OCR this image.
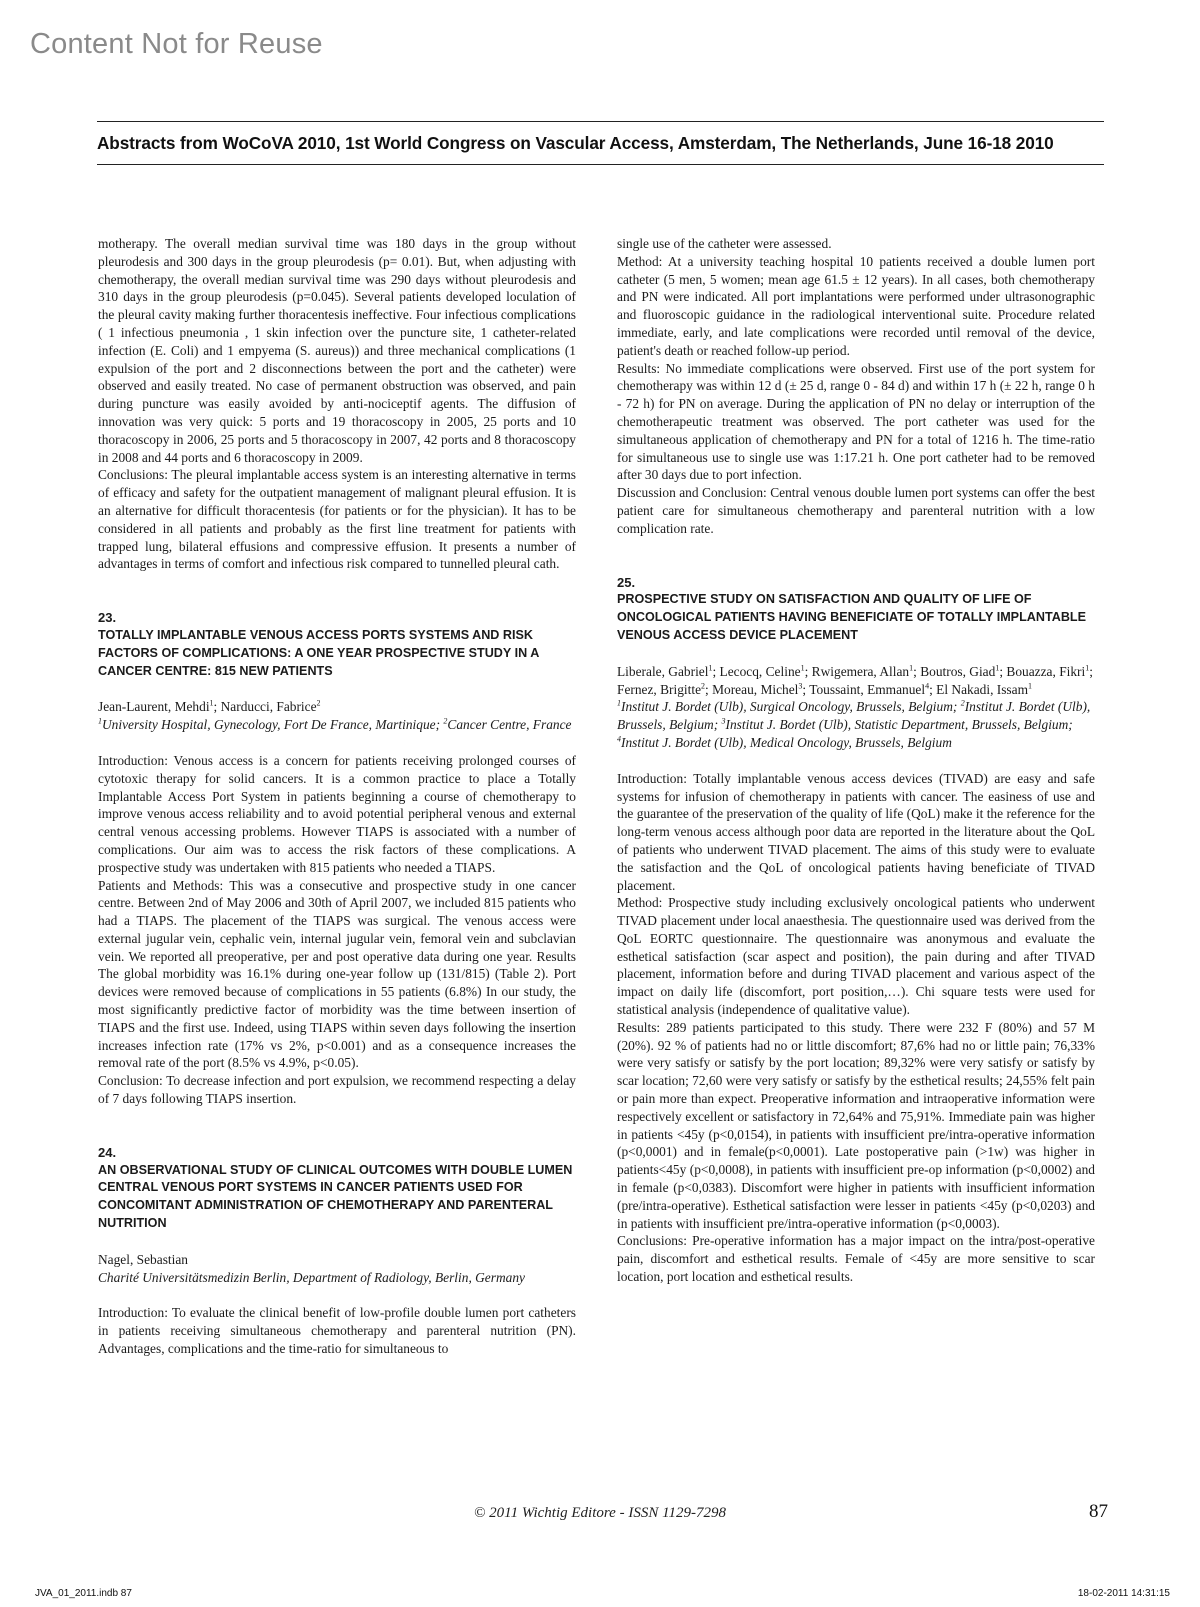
Content Not for Reuse
Abstracts from WoCoVA 2010, 1st World Congress on Vascular Access, Amsterdam, The Netherlands, June 16-18 2010

motherapy. The overall median survival time was 180 days in the group without pleurodesis and 300 days in the group pleurodesis (p= 0.01). But, when adjusting with chemotherapy, the overall median survival time was 290 days without pleurodesis and 310 days in the group pleurodesis (p=0.045). Several patients developed loculation of the pleural cavity making further thoracentesis ineffective. Four infectious complications ( 1 infectious pneumonia , 1 skin infection over the puncture site, 1 catheter-related infection (E. Coli) and 1 empyema (S. aureus)) and three mechanical complications (1 expulsion of the port and 2 disconnections between the port and the catheter) were observed and easily treated. No case of permanent obstruction was observed, and pain during puncture was easily avoided by anti-nociceptif agents. The diffusion of innovation was very quick: 5 ports and 19 thoracoscopy in 2005, 25 ports and 10 thoracoscopy in 2006, 25 ports and 5 thoracoscopy in 2007, 42 ports and 8 thoracoscopy in 2008 and 44 ports and 6 thoracoscopy in 2009.

Conclusions: The pleural implantable access system is an interesting alternative in terms of efficacy and safety for the outpatient management of malignant pleural effusion. It is an alternative for difficult thoracentesis (for patients or for the physician). It has to be considered in all patients and probably as the first line treatment for patients with trapped lung, bilateral effusions and compressive effusion. It presents a number of advantages in terms of comfort and infectious risk compared to tunnelled pleural cath.

23.

TOTALLY IMPLANTABLE VENOUS ACCESS PORTS SYSTEMS AND RISK FACTORS OF COMPLICATIONS: A ONE YEAR PROSPECTIVE STUDY IN A CANCER CENTRE: 815 NEW PATIENTS

Jean-Laurent, Mehdi$^1$; Narducci, Fabrice$^2$

$^1$University Hospital, Gynecology, Fort De France, Martinique; $^2$Cancer Centre, France

Introduction: Venous access is a concern for patients receiving prolonged courses of cytotoxic therapy for solid cancers. It is a common practice to place a Totally Implantable Access Port System in patients beginning a course of chemotherapy to improve venous access reliability and to avoid potential peripheral venous and external central venous accessing problems. However TIAPS is associated with a number of complications. Our aim was to access the risk factors of these complications. A prospective study was undertaken with 815 patients who needed a TIAPS.

Patients and Methods: This was a consecutive and prospective study in one cancer centre. Between 2nd of May 2006 and 30th of April 2007, we included 815 patients who had a TIAPS. The placement of the TIAPS was surgical. The venous access were external jugular vein, cephalic vein, internal jugular vein, femoral vein and subclavian vein. We reported all preoperative, per and post operative data during one year. Results The global morbidity was 16.1% during one-year follow up (131/815) (Table 2). Port devices were removed because of complications in 55 patients (6.8%) In our study, the most significantly predictive factor of morbidity was the time between insertion of TIAPS and the first use. Indeed, using TIAPS within seven days following the insertion increases infection rate (17% vs 2%, p<0.001) and as a consequence increases the removal rate of the port (8.5% vs 4.9%, p<0.05).

Conclusion: To decrease infection and port expulsion, we recommend respecting a delay of 7 days following TIAPS insertion.

24.

AN OBSERVATIONAL STUDY OF CLINICAL OUTCOMES WITH DOUBLE LUMEN CENTRAL VENOUS PORT SYSTEMS IN CANCER PATIENTS USED FOR CONCOMITANT ADMINISTRATION OF CHEMOTHERAPY AND PARENTERAL NUTRITION

Nagel, Sebastian

Charité Universitätsmedizin Berlin, Department of Radiology, Berlin, Germany

Introduction: To evaluate the clinical benefit of low-profile double lumen port catheters in patients receiving simultaneous chemotherapy and parenteral nutrition (PN). Advantages, complications and the time-ratio for simultaneous to

single use of the catheter were assessed.

Method: At a university teaching hospital 10 patients received a double lumen port catheter (5 men, 5 women; mean age 61.5 ± 12 years). In all cases, both chemotherapy and PN were indicated. All port implantations were performed under ultrasonographic and fluoroscopic guidance in the radiological interventional suite. Procedure related immediate, early, and late complications were recorded until removal of the device, patient's death or reached follow-up period.

Results: No immediate complications were observed. First use of the port system for chemotherapy was within 12 d (± 25 d, range 0 - 84 d) and within 17 h (± 22 h, range 0 h - 72 h) for PN on average. During the application of PN no delay or interruption of the chemotherapeutic treatment was observed. The port catheter was used for the simultaneous application of chemotherapy and PN for a total of 1216 h. The time-ratio for simultaneous use to single use was 1:17.21 h. One port catheter had to be removed after 30 days due to port infection.

Discussion and Conclusion: Central venous double lumen port systems can offer the best patient care for simultaneous chemotherapy and parenteral nutrition with a low complication rate.

25.

PROSPECTIVE STUDY ON SATISFACTION AND QUALITY OF LIFE OF ONCOLOGICAL PATIENTS HAVING BENEFICIATE OF TOTALLY IMPLANTABLE VENOUS ACCESS DEVICE PLACEMENT

Liberale, Gabriel$^1$; Lecocq, Celine$^1$; Rwigemera, Allan$^1$; Boutros, Giad$^1$; Bouazza, Fikri$^1$; Fernez, Brigitte$^2$; Moreau, Michel$^3$; Toussaint, Emmanuel$^4$; El Nakadi, Issam$^1$

$^1$Institut J. Bordet (Ulb), Surgical Oncology, Brussels, Belgium; $^2$Institut J. Bordet (Ulb), Brussels, Belgium; $^3$Institut J. Bordet (Ulb), Statistic Department, Brussels, Belgium; $^4$Institut J. Bordet (Ulb), Medical Oncology, Brussels, Belgium

Introduction: Totally implantable venous access devices (TIVAD) are easy and safe systems for infusion of chemotherapy in patients with cancer. The easiness of use and the guarantee of the preservation of the quality of life (QoL) make it the reference for the long-term venous access although poor data are reported in the literature about the QoL of patients who underwent TIVAD placement. The aims of this study were to evaluate the satisfaction and the QoL of oncological patients having beneficiate of TIVAD placement.

Method: Prospective study including exclusively oncological patients who underwent TIVAD placement under local anaesthesia. The questionnaire used was derived from the QoL EORTC questionnaire. The questionnaire was anonymous and evaluate the esthetical satisfaction (scar aspect and position), the pain during and after TIVAD placement, information before and during TIVAD placement and various aspect of the impact on daily life (discomfort, port position,…). Chi square tests were used for statistical analysis (independence of qualitative value).

Results: 289 patients participated to this study. There were 232 F (80%) and 57 M (20%). 92 % of patients had no or little discomfort; 87,6% had no or little pain; 76,33% were very satisfy or satisfy by the port location; 89,32% were very satisfy or satisfy by scar location; 72,60 were very satisfy or satisfy by the esthetical results; 24,55% felt pain or pain more than expect. Preoperative information and intraoperative information were respectively excellent or satisfactory in 72,64% and 75,91%. Immediate pain was higher in patients <45y (p<0,0154), in patients with insufficient pre/intra-operative information (p<0,0001) and in female(p<0,0001). Late postoperative pain (>1w) was higher in patients<45y (p<0,0008), in patients with insufficient pre-op information (p<0,0002) and in female (p<0,0383). Discomfort were higher in patients with insufficient information (pre/intra-operative). Esthetical satisfaction were lesser in patients <45y (p<0,0203) and in patients with insufficient pre/intra-operative information (p<0,0003).

Conclusions: Pre-operative information has a major impact on the intra/post-operative pain, discomfort and esthetical results. Female of <45y are more sensitive to scar location, port location and esthetical results.

© 2011 Wichtig Editore - ISSN 1129-7298	87
JVA_01_2011.indb 87	18-02-2011 14:31:15
